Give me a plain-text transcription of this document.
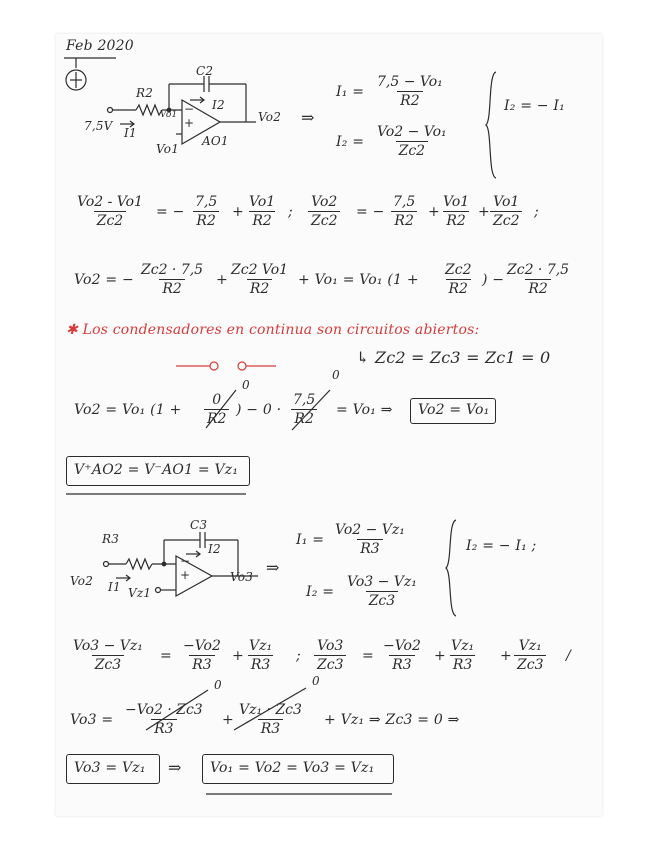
Feb 2020
C2
R2
I2
+
−
7,5V I1
Vo1
Vo1
AO1
Vo2 ⇒
$I_1 = \frac{\text{7,5 − Vo₁}}{R2}$
$I_2 = \frac{\text{Vo2 − Vo₁}}{Zc2}$
I₂ = − I₁
$\frac{Vo2 - Vo1}{Zc2}$ = − $\frac{7,5}{R2} + \frac{Vo1}{R2}$ ; $\frac{Vo2}{Zc2}$ = − $\frac{7,5}{R2} + \frac{Vo1}{R2} + \frac{Vo1}{Zc2}$ ;
Vo2 = − $\frac{Zc2 \cdot 7,5}{R2} + \frac{Zc2 Vo1}{R2} + Vo_1 = Vo_1$ ($1 + \frac{Zc2}{R2}$ ) − $\frac{Zc2 \cdot 7,5}{R2}$
✱ Los condensadores en continua son circuitos abiertos:
↳ Zc2 = Zc3 = Zc1 = 0
Vo2 = Vo₁ ($1 + \frac{0}{R2}$ ) − $0 \cdot \frac{7,5}{R2}$
0
0
= Vo₁ ⇒ Vo2 = Vo₁
V⁺AO2 = V⁻AO1 = Vz₁
C3
R3
I2
−
+
Vo2 I1 Vz1
Vo3 ⇒
$I_1 = \frac{\text{Vo2 − Vz₁}}{R3}$
$I_2 = \frac{\text{Vo3 − Vz₁}}{Zc3}$
I₂ = − I₁ ;
$\frac{\text{Vo3 − Vz₁}}{Zc3} = \frac{-Vo2}{R3} + \frac{\text{Vz₁}}{R3}$ ; $\frac{Vo3}{Zc3} = \frac{-Vo2}{R3} + \frac{\text{Vz₁}}{R3} + \frac{\text{Vz₁}}{Zc3}$ /
$Vo3 = \frac{-Vo2 \cdot Zc3}{R3} + \frac{\text{Vz₁ · Zc3}}{R3}$
0	0
+ Vz₁ ⇒ Zc3 = 0 ⇒
Vo3 = Vz₁ ⇒ Vo₁ = Vo2 = Vo3 = Vz₁
